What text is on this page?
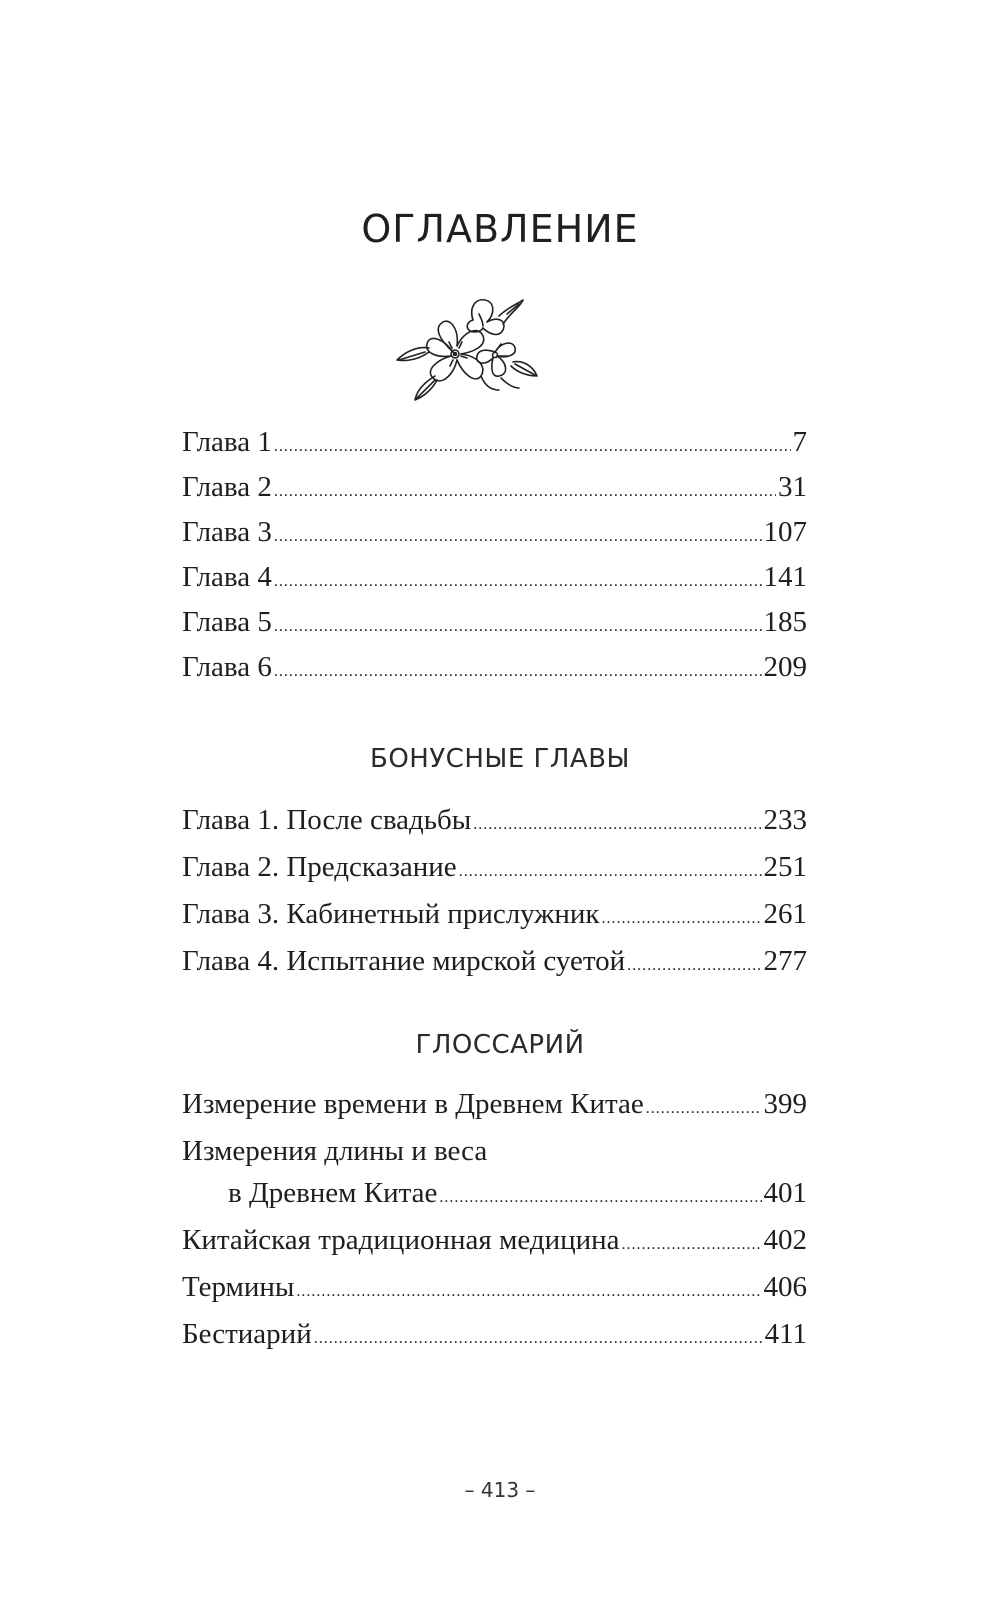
ОГЛАВЛЕНИЕ
Глава 1 .....	7
Глава 2 .....	31
Глава 3 .....	107
Глава 4 .....	141
Глава 5 .....	185
Глава 6 .....	209
БОНУСНЫЕ ГЛАВЫ
Глава 1. После свадьбы .....	233
Глава 2. Предсказание .....	251
Глава 3. Кабинетный прислужник .....	261
Глава 4. Испытание мирской суетой .....	277
ГЛОССАРИЙ
Измерение времени в Древнем Китае .....	399
Измерения длины и веса
в Древнем Китае .....	401
Китайская традиционная медицина .....	402
Термины .....	406
Бестиарий .....	411
– 413 –
